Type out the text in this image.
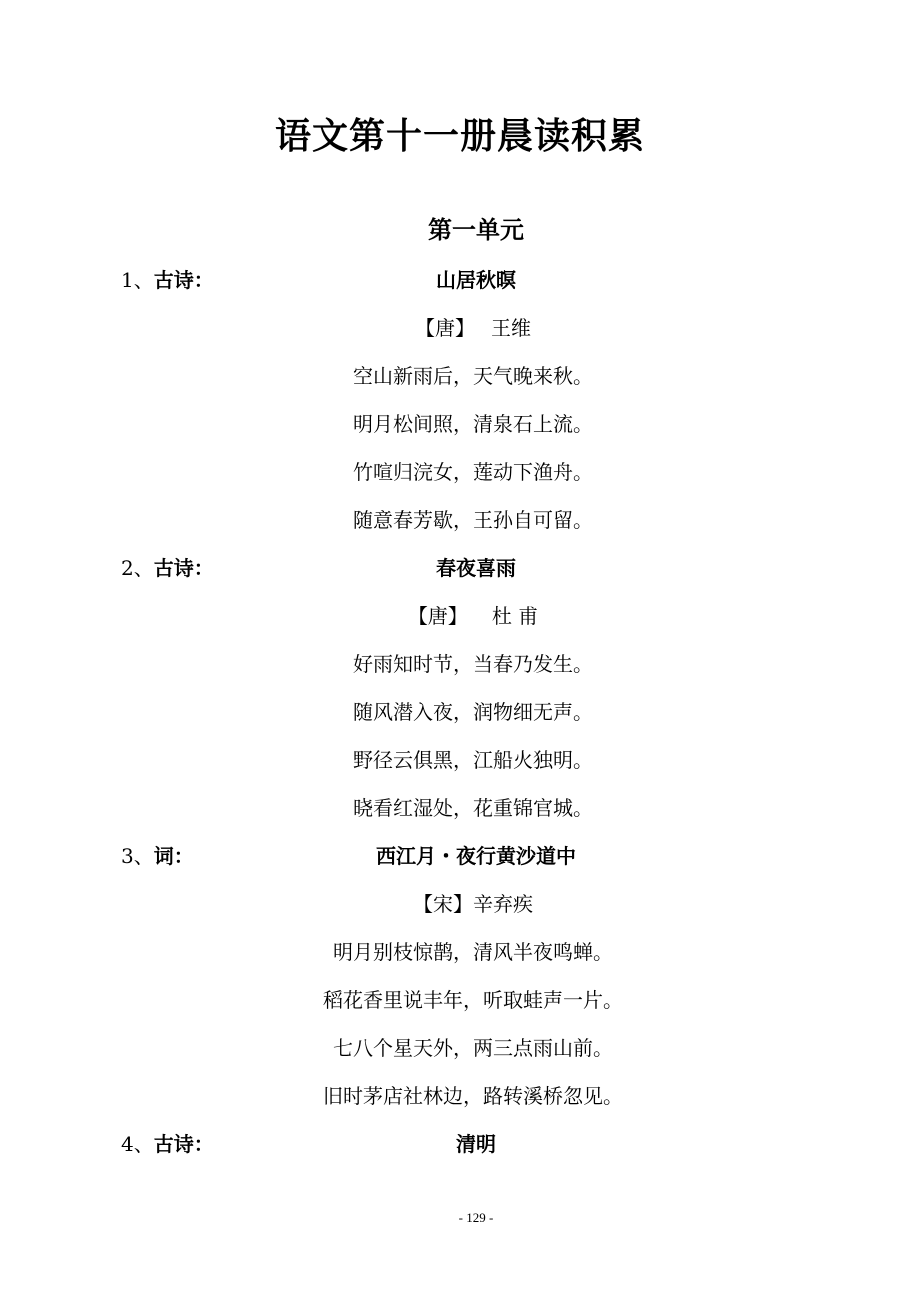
语文第十一册晨读积累
第一单元
1、古诗：	山居秋暝
【唐】 王维
空山新雨后，天气晚来秋。
明月松间照，清泉石上流。
竹喧归浣女，莲动下渔舟。
随意春芳歇，王孙自可留。
2、古诗：	春夜喜雨
【唐】 杜 甫
好雨知时节，当春乃发生。
随风潜入夜，润物细无声。
野径云俱黑，江船火独明。
晓看红湿处，花重锦官城。
3、词：	西江月・夜行黄沙道中
【宋】辛弃疾
明月别枝惊鹊，清风半夜鸣蝉。
稻花香里说丰年，听取蛙声一片。
七八个星天外，两三点雨山前。
旧时茅店社林边，路转溪桥忽见。
4、古诗：	清明
- 129 -
